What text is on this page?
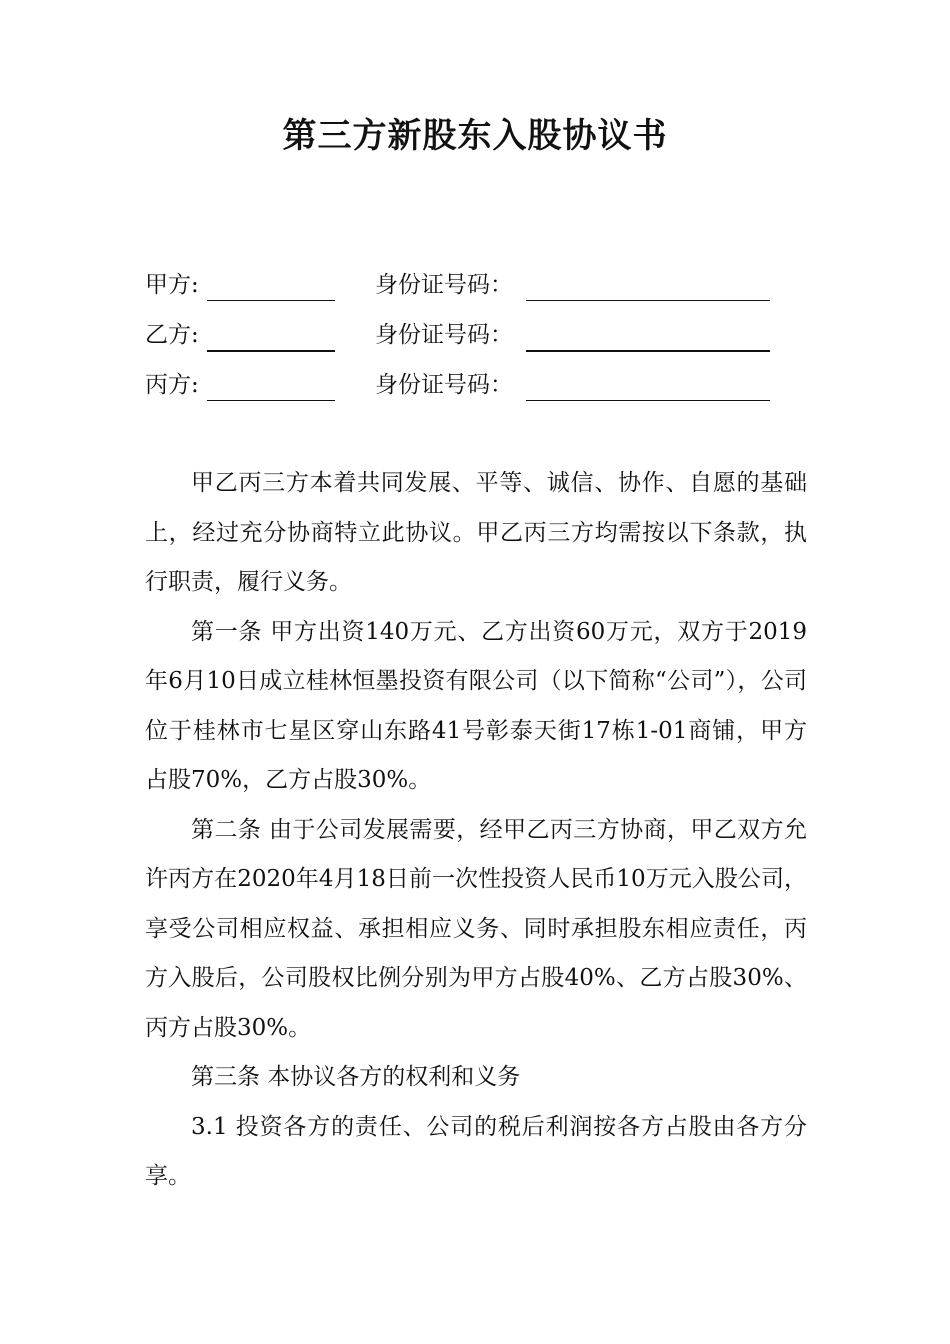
第三方新股东入股协议书
甲方:	身份证号码：
乙方:	身份证号码：
丙方:	身份证号码：

甲乙丙三方本着共同发展、平等、诚信、协作、自愿的基础上，经过充分协商特立此协议。甲乙丙三方均需按以下条款，执行职责，履行义务。

第一条 甲方出资140万元、乙方出资60万元，双方于2019年6月10日成立桂林恒墨投资有限公司（以下简称“公司”），公司位于桂林市七星区穿山东路41号彰泰天街17栋1-01商铺，甲方占股70%，乙方占股30%。

第二条 由于公司发展需要，经甲乙丙三方协商，甲乙双方允许丙方在2020年4月18日前一次性投资人民币10万元入股公司，享受公司相应权益、承担相应义务、同时承担股东相应责任，丙方入股后，公司股权比例分别为甲方占股40%、乙方占股30%、丙方占股30%。

第三条 本协议各方的权利和义务

3.1 投资各方的责任、公司的税后利润按各方占股由各方分享。
